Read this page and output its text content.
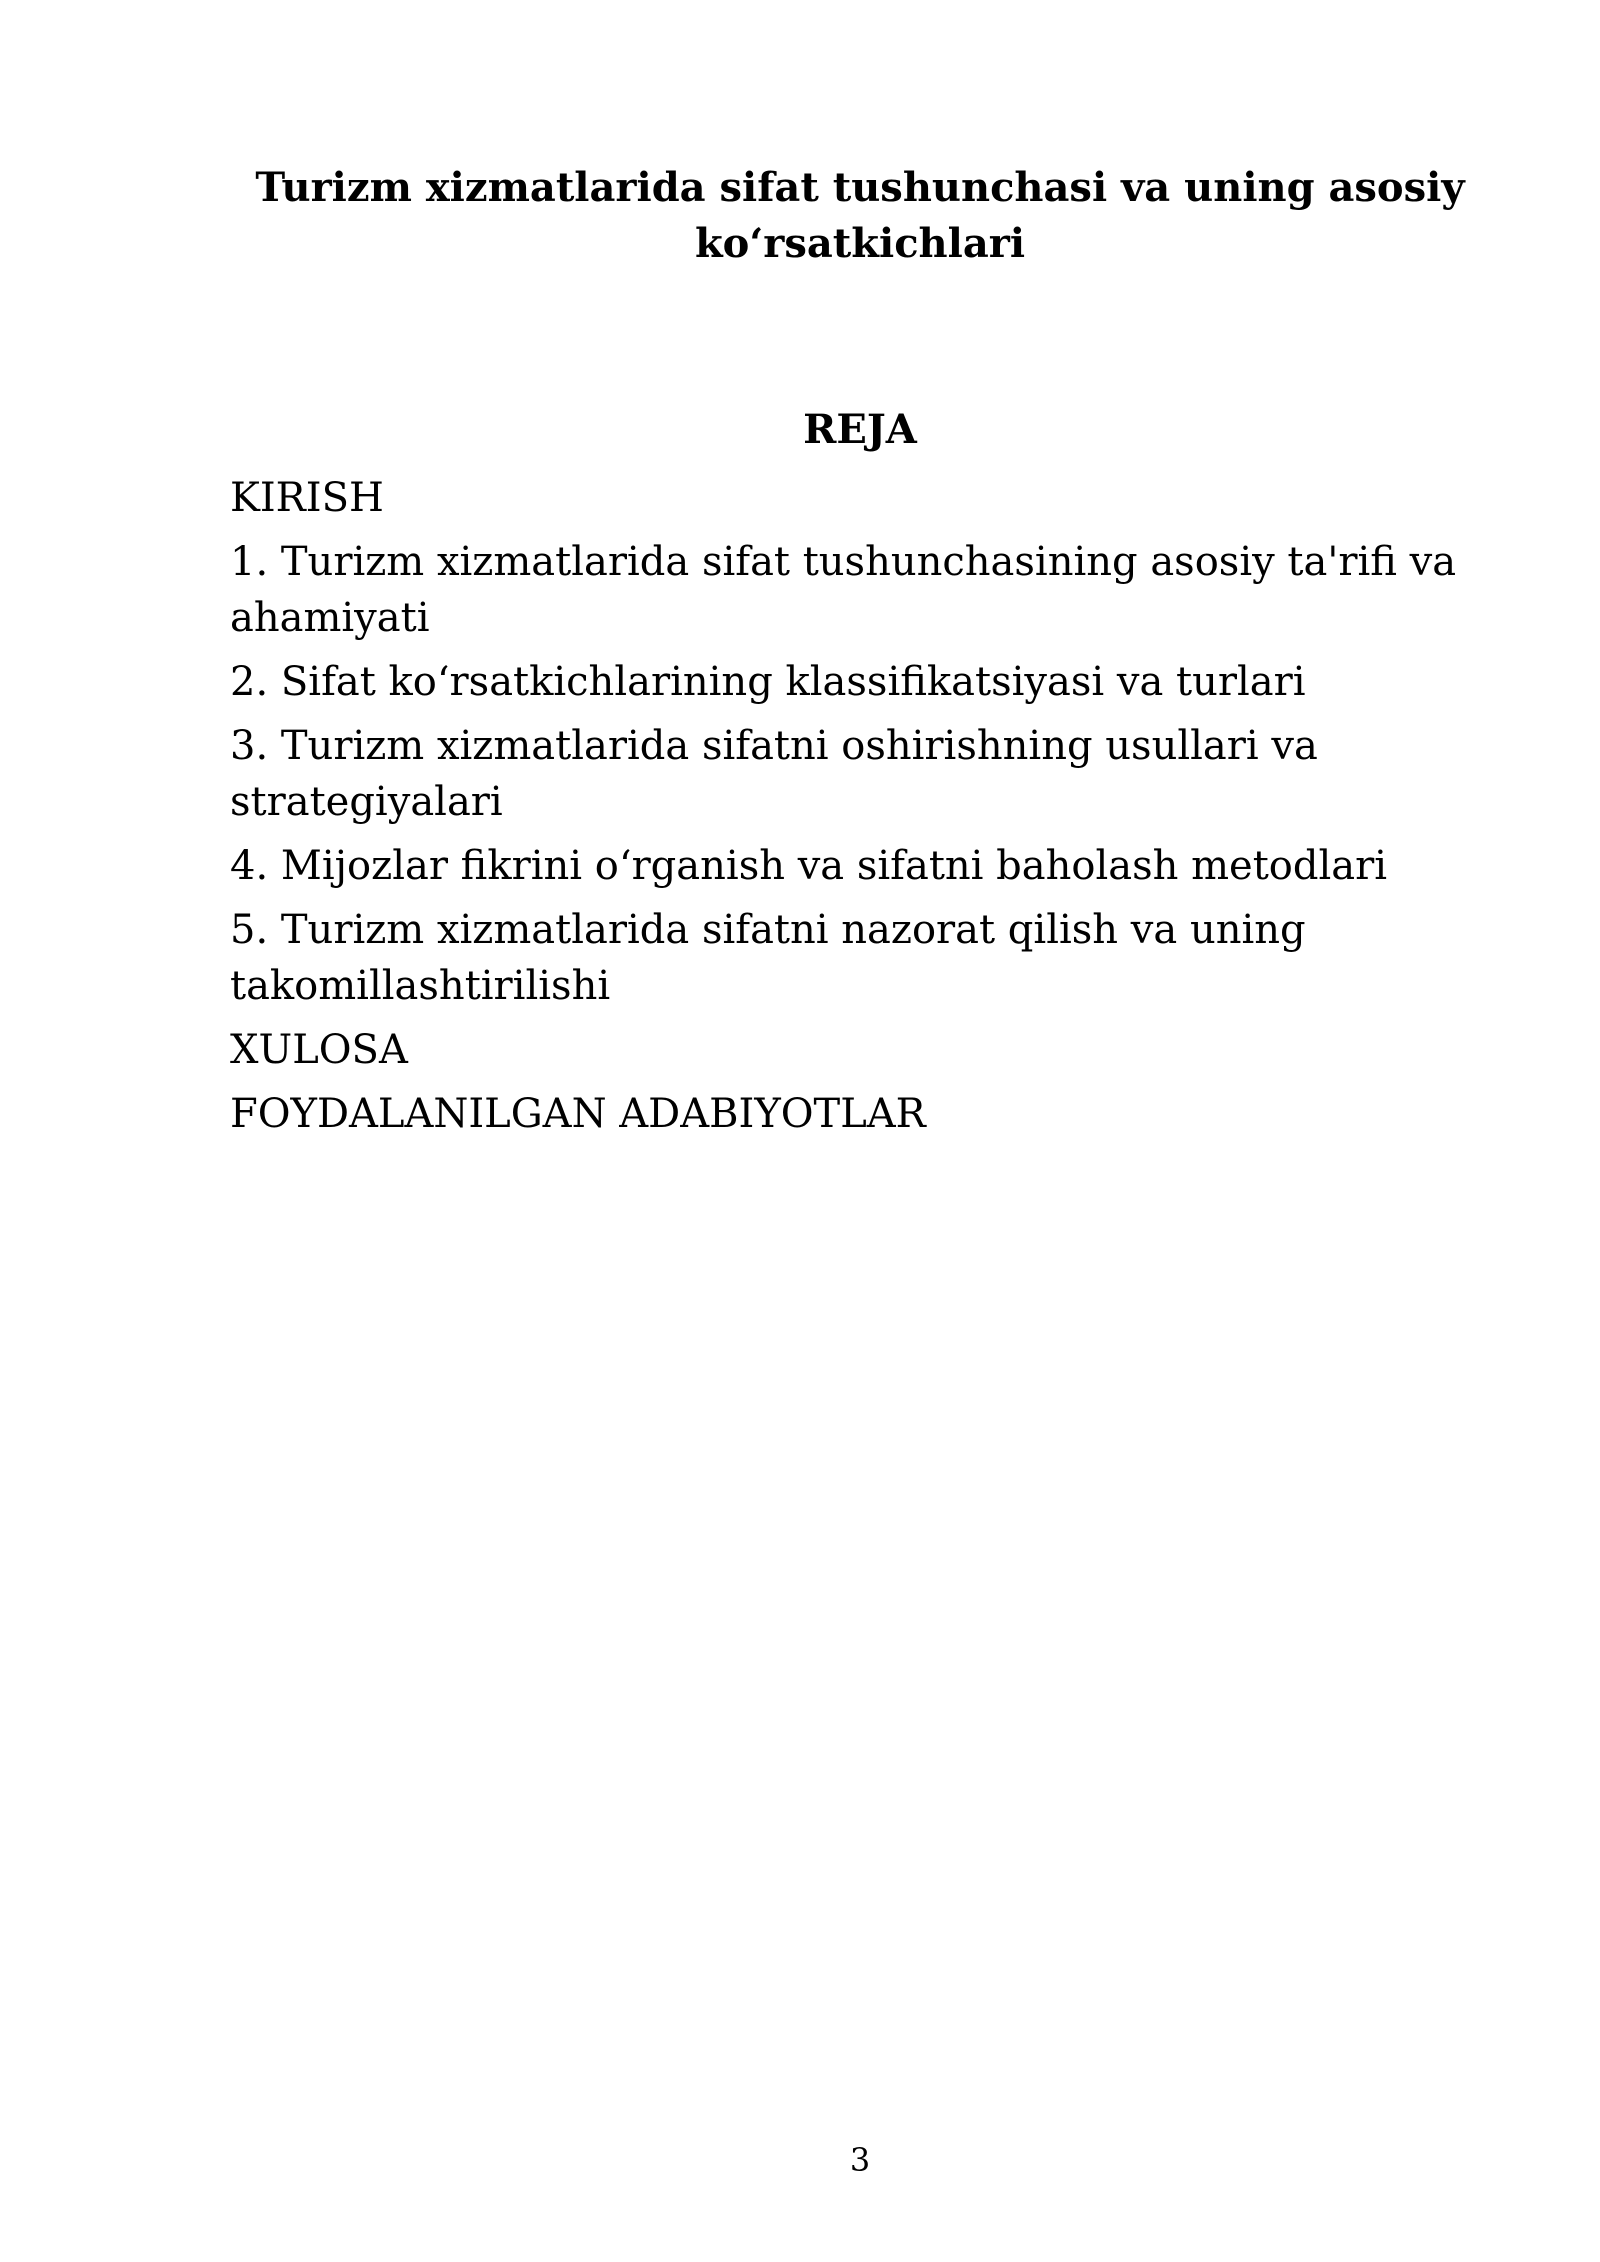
Turizm xizmatlarida sifat tushunchasi va uning asosiy
koʻrsatkichlari
REJA
KIRISH
1. Turizm xizmatlarida sifat tushunchasining asosiy ta'rifi va ahamiyati
2. Sifat koʻrsatkichlarining klassifikatsiyasi va turlari
3. Turizm xizmatlarida sifatni oshirishning usullari va strategiyalari
4. Mijozlar fikrini oʻrganish va sifatni baholash metodlari
5. Turizm xizmatlarida sifatni nazorat qilish va uning takomillashtirilishi
XULOSA
FOYDALANILGAN ADABIYOTLAR
3
